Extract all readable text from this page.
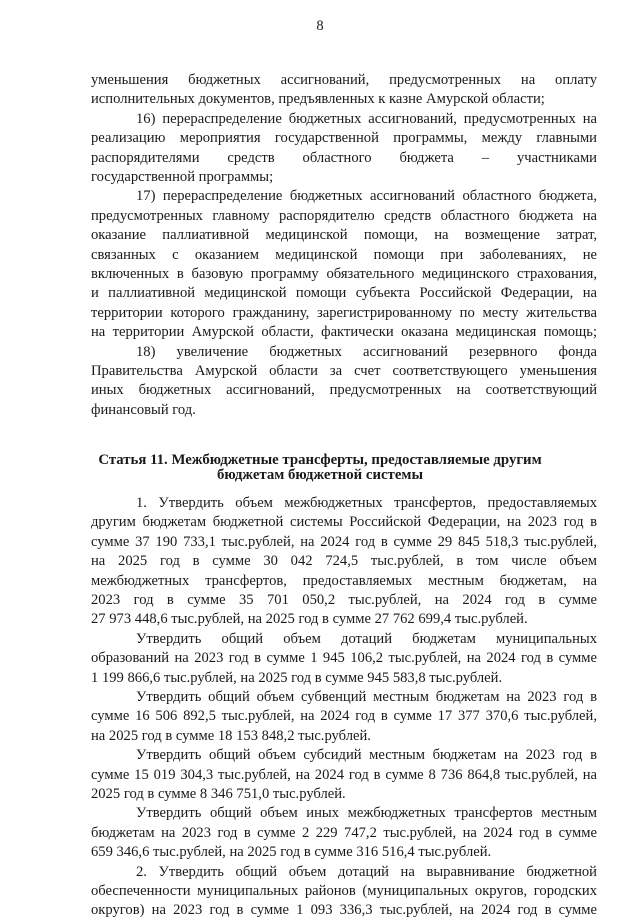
8
уменьшения бюджетных ассигнований, предусмотренных на оплату
исполнительных документов, предъявленных к казне Амурской области;
16) перераспределение бюджетных ассигнований, предусмотренных на
реализацию мероприятия государственной программы, между главными
распорядителями средств областного бюджета – участниками
государственной программы;
17) перераспределение бюджетных ассигнований областного бюджета,
предусмотренных главному распорядителю средств областного бюджета на
оказание паллиативной медицинской помощи, на возмещение затрат,
связанных с оказанием медицинской помощи при заболеваниях, не
включенных в базовую программу обязательного медицинского страхования,
и паллиативной медицинской помощи субъекта Российской Федерации, на
территории которого гражданину, зарегистрированному по месту жительства
на территории Амурской области, фактически оказана медицинская помощь;
18) увеличение бюджетных ассигнований резервного фонда
Правительства Амурской области за счет соответствующего уменьшения
иных бюджетных ассигнований, предусмотренных на соответствующий
финансовый год.
Статья 11. Межбюджетные трансферты, предоставляемые другим
бюджетам бюджетной системы
1. Утвердить объем межбюджетных трансфертов, предоставляемых
другим бюджетам бюджетной системы Российской Федерации, на 2023 год в
сумме 37 190 733,1 тыс.рублей, на 2024 год в сумме 29 845 518,3 тыс.рублей,
на 2025 год в сумме 30 042 724,5 тыс.рублей, в том числе объем
межбюджетных трансфертов, предоставляемых местным бюджетам, на
2023 год в сумме 35 701 050,2 тыс.рублей, на 2024 год в сумме
27 973 448,6 тыс.рублей, на 2025 год в сумме 27 762 699,4 тыс.рублей.
Утвердить общий объем дотаций бюджетам муниципальных
образований на 2023 год в сумме 1 945 106,2 тыс.рублей, на 2024 год в сумме
1 199 866,6 тыс.рублей, на 2025 год в сумме 945 583,8 тыс.рублей.
Утвердить общий объем субвенций местным бюджетам на 2023 год в
сумме 16 506 892,5 тыс.рублей, на 2024 год в сумме 17 377 370,6 тыс.рублей,
на 2025 год в сумме 18 153 848,2 тыс.рублей.
Утвердить общий объем субсидий местным бюджетам на 2023 год в
сумме 15 019 304,3 тыс.рублей, на 2024 год в сумме 8 736 864,8 тыс.рублей, на
2025 год в сумме 8 346 751,0 тыс.рублей.
Утвердить общий объем иных межбюджетных трансфертов местным
бюджетам на 2023 год в сумме 2 229 747,2 тыс.рублей, на 2024 год в сумме
659 346,6 тыс.рублей, на 2025 год в сумме 316 516,4 тыс.рублей.
2. Утвердить общий объем дотаций на выравнивание бюджетной
обеспеченности муниципальных районов (муниципальных округов, городских
округов) на 2023 год в сумме 1 093 336,3 тыс.рублей, на 2024 год в сумме
